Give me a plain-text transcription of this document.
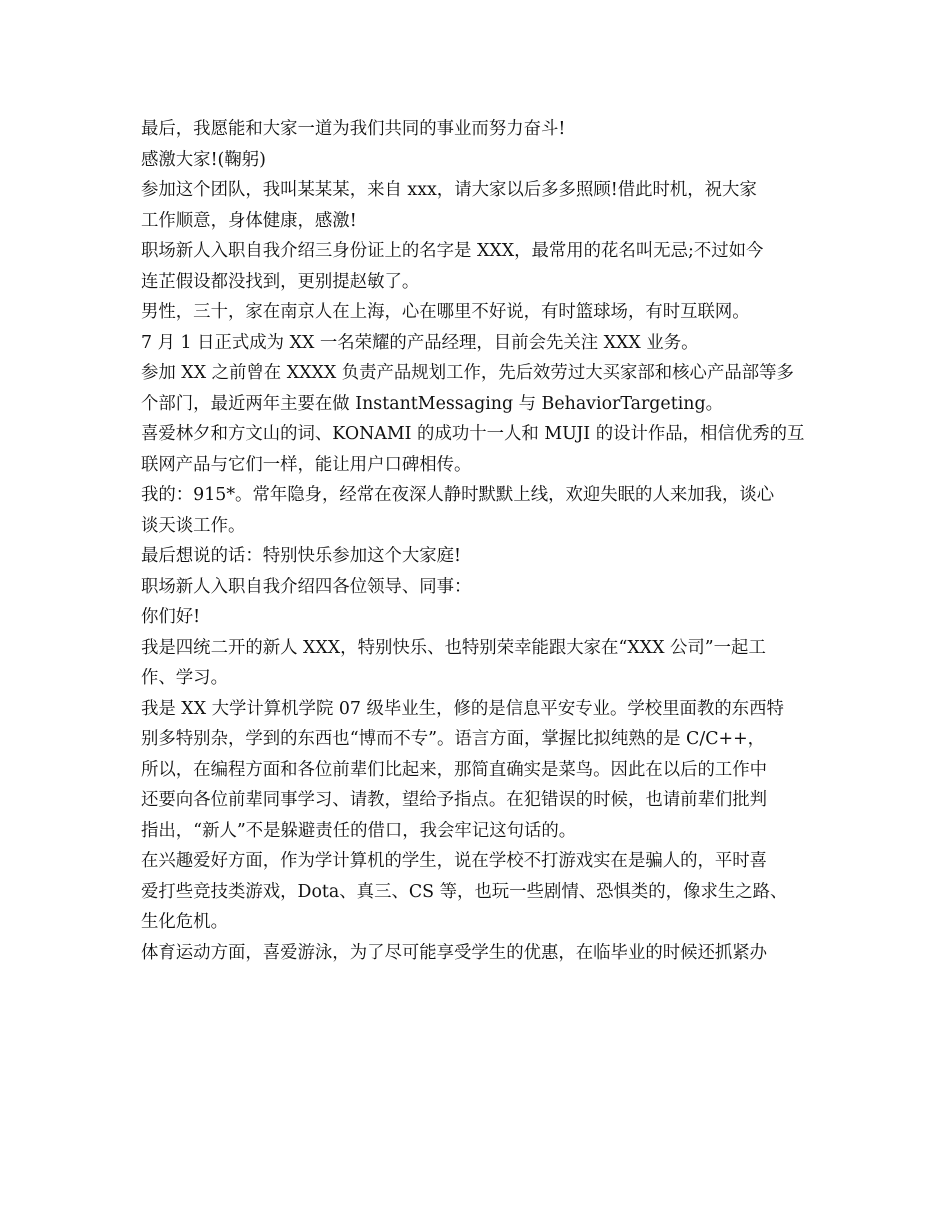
最后，我愿能和大家一道为我们共同的事业而努力奋斗!
感激大家!(鞠躬)
参加这个团队，我叫某某某，来自 xxx，请大家以后多多照顾!借此时机，祝大家
工作顺意，身体健康，感激!
职场新人入职自我介绍三身份证上的名字是 XXX，最常用的花名叫无忌;不过如今
连芷假设都没找到，更别提赵敏了。
男性，三十，家在南京人在上海，心在哪里不好说，有时篮球场，有时互联网。
7 月 1 日正式成为 XX 一名荣耀的产品经理，目前会先关注 XXX 业务。
参加 XX 之前曾在 XXXX 负责产品规划工作，先后效劳过大买家部和核心产品部等多
个部门，最近两年主要在做 InstantMessaging 与 BehaviorTargeting。
喜爱林夕和方文山的词、KONAMI 的成功十一人和 MUJI 的设计作品，相信优秀的互
联网产品与它们一样，能让用户口碑相传。
我的：915*。常年隐身，经常在夜深人静时默默上线，欢迎失眠的人来加我，谈心
谈天谈工作。
最后想说的话：特别快乐参加这个大家庭!
职场新人入职自我介绍四各位领导、同事：
你们好!
我是四统二开的新人 XXX，特别快乐、也特别荣幸能跟大家在“XXX 公司”一起工
作、学习。
我是 XX 大学计算机学院 07 级毕业生，修的是信息平安专业。学校里面教的东西特
别多特别杂，学到的东西也“博而不专”。语言方面，掌握比拟纯熟的是 C/C++，
所以，在编程方面和各位前辈们比起来，那简直确实是菜鸟。因此在以后的工作中
还要向各位前辈同事学习、请教，望给予指点。在犯错误的时候，也请前辈们批判
指出，“新人”不是躲避责任的借口，我会牢记这句话的。
在兴趣爱好方面，作为学计算机的学生，说在学校不打游戏实在是骗人的，平时喜
爱打些竞技类游戏，Dota、真三、CS 等，也玩一些剧情、恐惧类的，像求生之路、
生化危机。
体育运动方面，喜爱游泳，为了尽可能享受学生的优惠，在临毕业的时候还抓紧办
